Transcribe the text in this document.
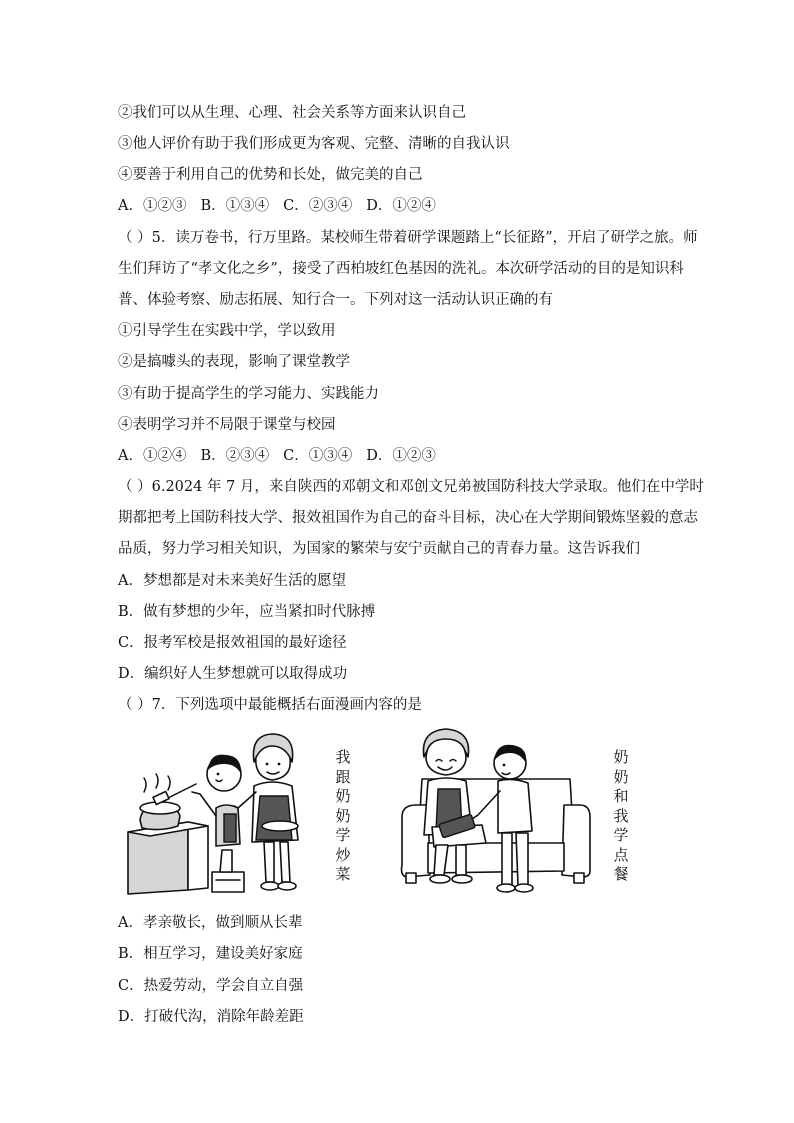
②我们可以从生理、心理、社会关系等方面来认识自己
③他人评价有助于我们形成更为客观、完整、清晰的自我认识
④要善于利用自己的优势和长处，做完美的自己
A．①②③ B．①③④ C．②③④ D．①②④
（ ）5．读万卷书，行万里路。某校师生带着研学课题踏上“长征路”，开启了研学之旅。师
生们拜访了“孝文化之乡”，接受了西柏坡红色基因的洗礼。本次研学活动的目的是知识科
普、体验考察、励志拓展、知行合一。下列对这一活动认识正确的有
①引导学生在实践中学，学以致用
②是搞噱头的表现，影响了课堂教学
③有助于提高学生的学习能力、实践能力
④表明学习并不局限于课堂与校园
A．①②④ B．②③④ C．①③④ D．①②③
（ ）6.2024 年 7 月，来自陕西的邓朝文和邓创文兄弟被国防科技大学录取。他们在中学时
期都把考上国防科技大学、报效祖国作为自己的奋斗目标，决心在大学期间锻炼坚毅的意志
品质，努力学习相关知识，为国家的繁荣与安宁贡献自己的青春力量。这告诉我们
A．梦想都是对未来美好生活的愿望
B．做有梦想的少年，应当紧扣时代脉搏
C．报考军校是报效祖国的最好途径
D．编织好人生梦想就可以取得成功
（ ）7．下列选项中最能概括右面漫画内容的是
我
跟
奶
奶
学
炒
菜
奶
奶
和
我
学
点
餐
A．孝亲敬长，做到顺从长辈
B．相互学习，建设美好家庭
C．热爱劳动，学会自立自强
D．打破代沟，消除年龄差距
